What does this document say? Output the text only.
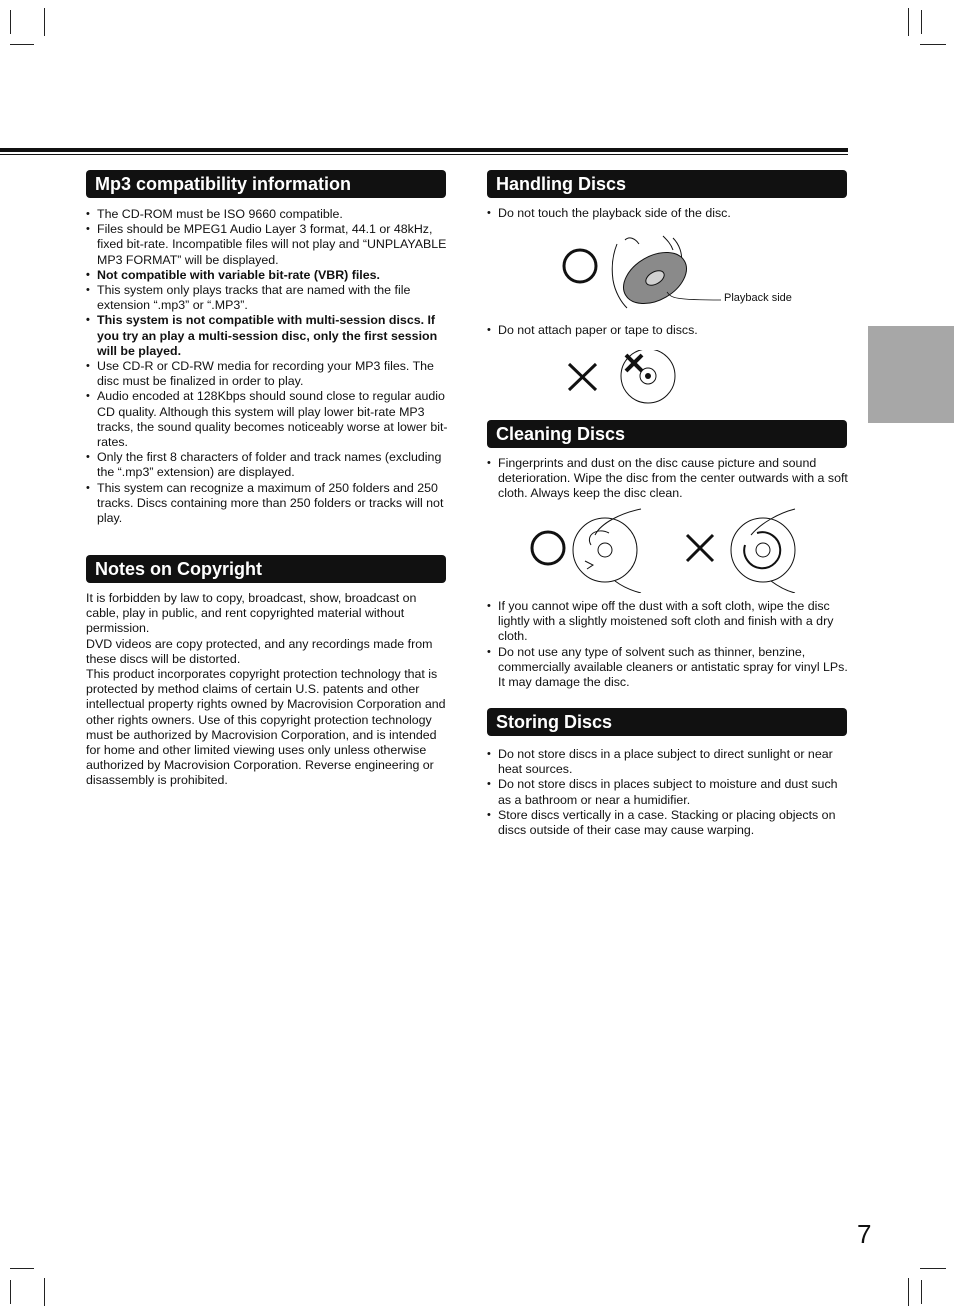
Mp3 compatibility information
• The CD-ROM must be ISO 9660 compatible.
• Files should be MPEG1 Audio Layer 3 format, 44.1 or 48kHz, fixed bit-rate. Incompatible files will not play and “UNPLAYABLE MP3 FORMAT” will be displayed.
• Not compatible with variable bit-rate (VBR) files.
• This system only plays tracks that are named with the file extension “.mp3” or “.MP3”.
• This system is not compatible with multi-session discs. If you try an play a multi-session disc, only the first session will be played.
• Use CD-R or CD-RW media for recording your MP3 files. The disc must be finalized in order to play.
• Audio encoded at 128Kbps should sound close to regular audio CD quality. Although this system will play lower bit-rate MP3 tracks, the sound quality becomes noticeably worse at lower bit-rates.
• Only the first 8 characters of folder and track names (excluding the “.mp3” extension) are displayed.
• This system can recognize a maximum of 250 folders and 250 tracks. Discs containing more than 250 folders or tracks will not play.
Notes on Copyright

It is forbidden by law to copy, broadcast, show, broadcast on cable, play in public, and rent copyrighted material without permission.

DVD videos are copy protected, and any recordings made from these discs will be distorted.

This product incorporates copyright protection technology that is protected by method claims of certain U.S. patents and other intellectual property rights owned by Macrovision Corporation and other rights owners. Use of this copyright protection technology must be authorized by Macrovision Corporation, and is intended for home and other limited viewing uses only unless otherwise authorized by Macrovision Corporation. Reverse engineering or disassembly is prohibited.

Handling Discs
• Do not touch the playback side of the disc.
Playback side
• Do not attach paper or tape to discs.
Cleaning Discs
• Fingerprints and dust on the disc cause picture and sound deterioration. Wipe the disc from the center outwards with a soft cloth. Always keep the disc clean.
• If you cannot wipe off the dust with a soft cloth, wipe the disc lightly with a slightly moistened soft cloth and finish with a dry cloth.
• Do not use any type of solvent such as thinner, benzine, commercially available cleaners or antistatic spray for vinyl LPs. It may damage the disc.
Storing Discs
• Do not store discs in a place subject to direct sunlight or near heat sources.
• Do not store discs in places subject to moisture and dust such as a bathroom or near a humidifier.
• Store discs vertically in a case. Stacking or placing objects on discs outside of their case may cause warping.
7
